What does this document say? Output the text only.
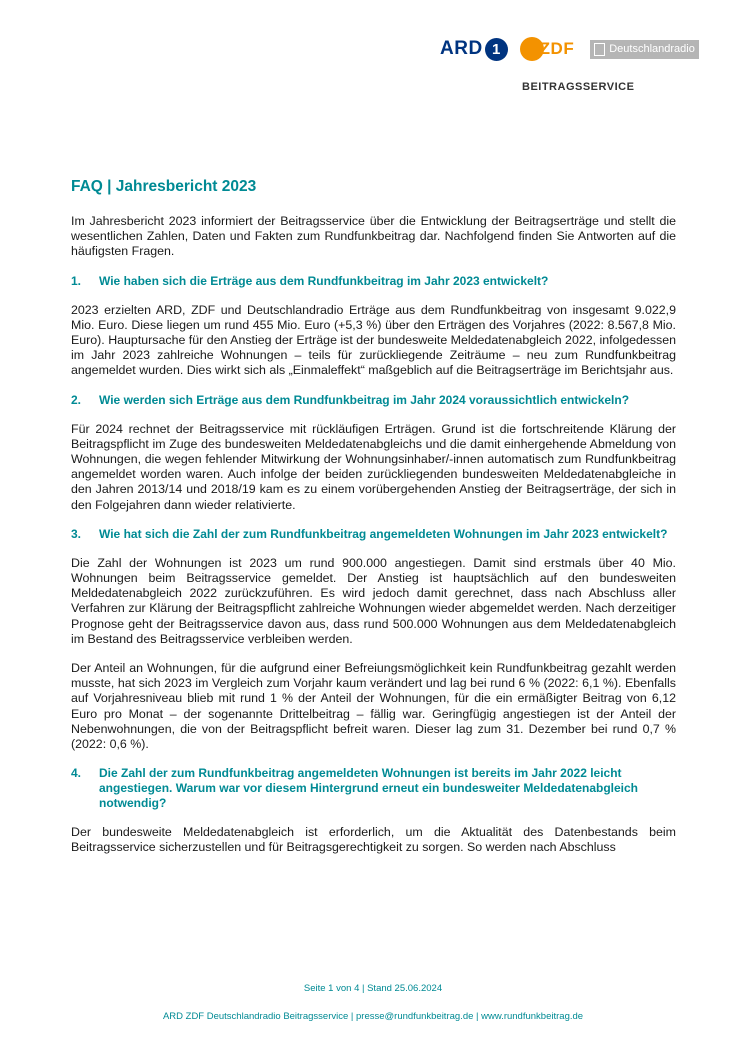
ARD 1	ZDF	Deutschlandradio
BEITRAGSSERVICE
FAQ | Jahresbericht 2023

Im Jahresbericht 2023 informiert der Beitragsservice über die Entwicklung der Beitragserträge und stellt die wesentlichen Zahlen, Daten und Fakten zum Rundfunkbeitrag dar. Nachfolgend finden Sie Antworten auf die häufigsten Fragen.

1.	Wie haben sich die Erträge aus dem Rundfunkbeitrag im Jahr 2023 entwickelt?

2023 erzielten ARD, ZDF und Deutschlandradio Erträge aus dem Rundfunkbeitrag von insgesamt 9.022,9 Mio. Euro. Diese liegen um rund 455 Mio. Euro (+5,3 %) über den Erträgen des Vorjahres (2022: 8.567,8 Mio. Euro). Hauptursache für den Anstieg der Erträge ist der bundesweite Meldedatenabgleich 2022, infolgedessen im Jahr 2023 zahlreiche Wohnungen – teils für zurückliegende Zeiträume – neu zum Rundfunkbeitrag angemeldet wurden. Dies wirkt sich als „Einmaleffekt“ maßgeblich auf die Beitragserträge im Berichtsjahr aus.

2.	Wie werden sich Erträge aus dem Rundfunkbeitrag im Jahr 2024 voraussichtlich entwickeln?

Für 2024 rechnet der Beitragsservice mit rückläufigen Erträgen. Grund ist die fortschreitende Klärung der Beitragspflicht im Zuge des bundesweiten Meldedatenabgleichs und die damit einhergehende Abmeldung von Wohnungen, die wegen fehlender Mitwirkung der Wohnungsinhaber/-innen automatisch zum Rundfunkbeitrag angemeldet worden waren. Auch infolge der beiden zurückliegenden bundesweiten Meldedatenabgleiche in den Jahren 2013/14 und 2018/19 kam es zu einem vorübergehenden Anstieg der Beitragserträge, der sich in den Folgejahren dann wieder relativierte.

3.	Wie hat sich die Zahl der zum Rundfunkbeitrag angemeldeten Wohnungen im Jahr 2023 entwickelt?

Die Zahl der Wohnungen ist 2023 um rund 900.000 angestiegen. Damit sind erstmals über 40 Mio. Wohnungen beim Beitragsservice gemeldet. Der Anstieg ist hauptsächlich auf den bundesweiten Meldedatenabgleich 2022 zurückzuführen. Es wird jedoch damit gerechnet, dass nach Abschluss aller Verfahren zur Klärung der Beitragspflicht zahlreiche Wohnungen wieder abgemeldet werden. Nach derzeitiger Prognose geht der Beitragsservice davon aus, dass rund 500.000 Wohnungen aus dem Meldedatenabgleich im Bestand des Beitragsservice verbleiben werden.

Der Anteil an Wohnungen, für die aufgrund einer Befreiungsmöglichkeit kein Rundfunkbeitrag gezahlt werden musste, hat sich 2023 im Vergleich zum Vorjahr kaum verändert und lag bei rund 6 % (2022: 6,1 %). Ebenfalls auf Vorjahresniveau blieb mit rund 1 % der Anteil der Wohnungen, für die ein ermäßigter Beitrag von 6,12 Euro pro Monat – der sogenannte Drittelbeitrag – fällig war. Geringfügig angestiegen ist der Anteil der Nebenwohnungen, die von der Beitragspflicht befreit waren. Dieser lag zum 31. Dezember bei rund 0,7 % (2022: 0,6 %).

4.	Die Zahl der zum Rundfunkbeitrag angemeldeten Wohnungen ist bereits im Jahr 2022 leicht angestiegen. Warum war vor diesem Hintergrund erneut ein bundesweiter Meldedatenabgleich notwendig?

Der bundesweite Meldedatenabgleich ist erforderlich, um die Aktualität des Datenbestands beim Beitragsservice sicherzustellen und für Beitragsgerechtigkeit zu sorgen. So werden nach Abschluss

Seite 1 von 4 | Stand 25.06.2024
ARD ZDF Deutschlandradio Beitragsservice | presse@rundfunkbeitrag.de | www.rundfunkbeitrag.de
